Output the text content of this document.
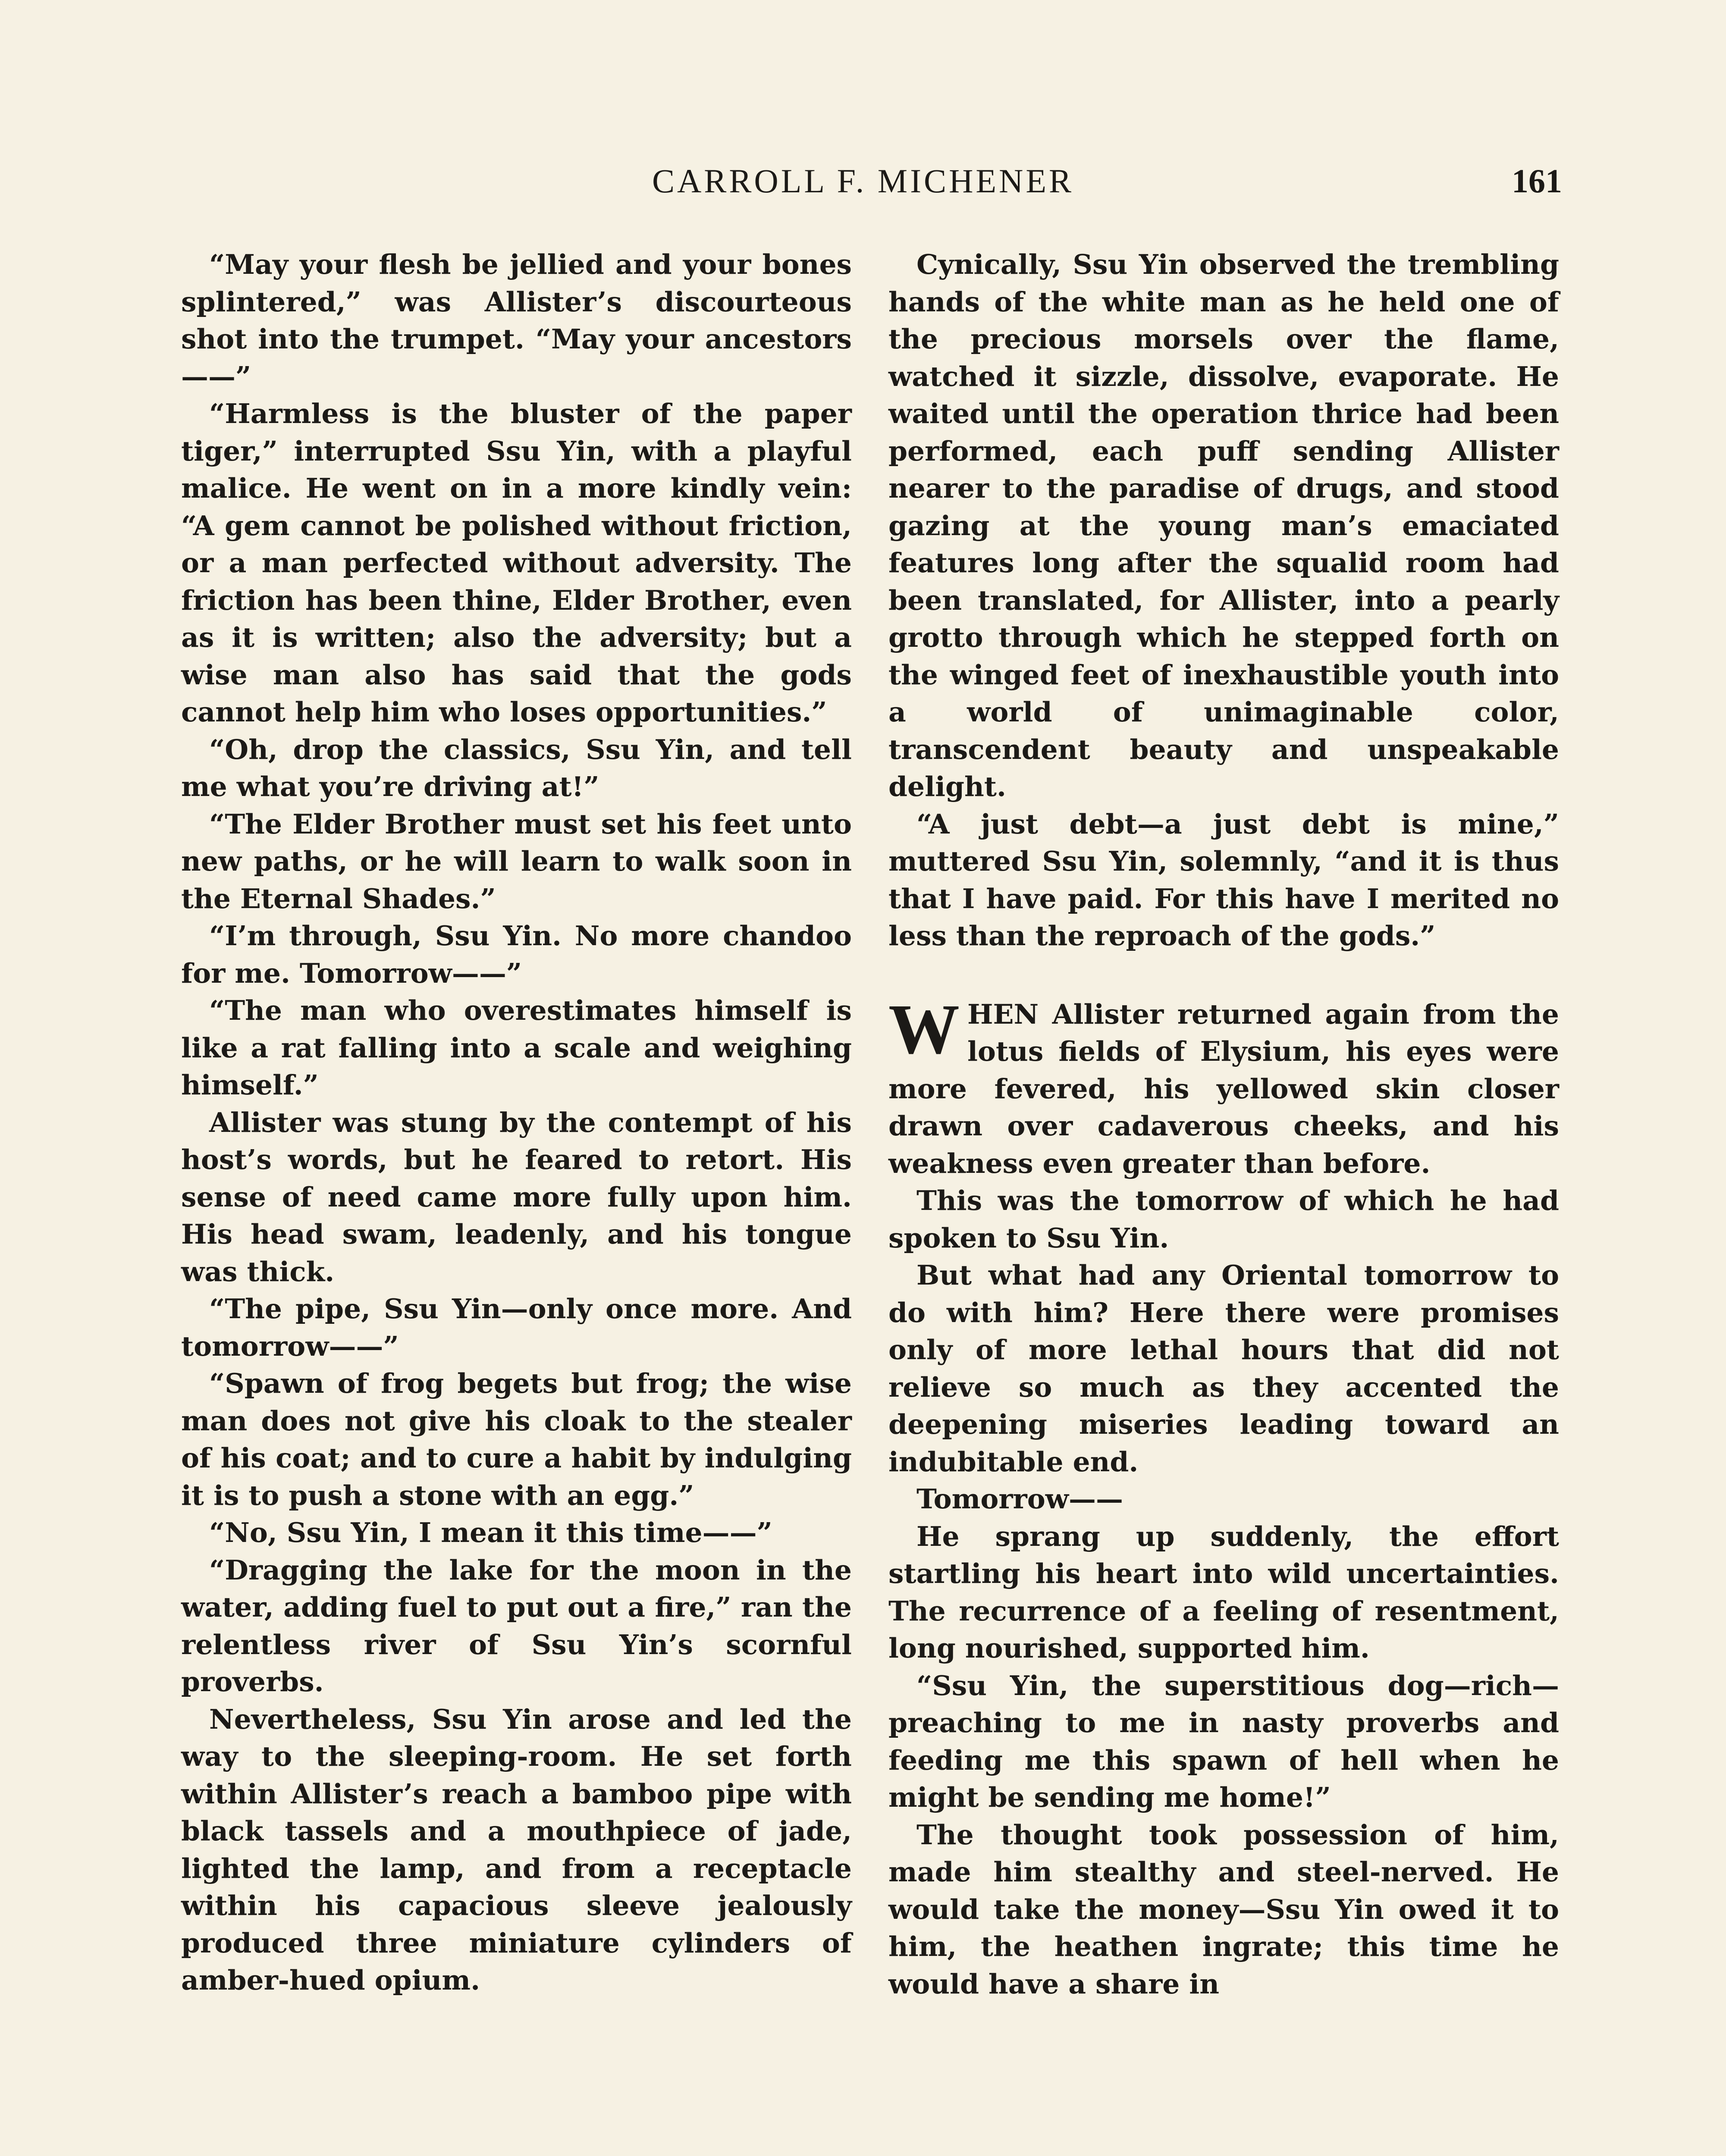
CARROLL F. MICHENER	161

“May your flesh be jellied and your bones splintered,” was Allister’s discourteous shot into the trumpet. “May your ancestors——”

“Harmless is the bluster of the paper tiger,” interrupted Ssu Yin, with a playful malice. He went on in a more kindly vein: “A gem cannot be polished without friction, or a man perfected without adversity. The friction has been thine, Elder Brother, even as it is written; also the adversity; but a wise man also has said that the gods cannot help him who loses opportunities.”

“Oh, drop the classics, Ssu Yin, and tell me what you’re driving at!”

“The Elder Brother must set his feet unto new paths, or he will learn to walk soon in the Eternal Shades.”

“I’m through, Ssu Yin. No more chandoo for me. Tomorrow——”

“The man who overestimates himself is like a rat falling into a scale and weighing himself.”

Allister was stung by the contempt of his host’s words, but he feared to retort. His sense of need came more fully upon him. His head swam, leadenly, and his tongue was thick.

“The pipe, Ssu Yin—only once more. And tomorrow——”

“Spawn of frog begets but frog; the wise man does not give his cloak to the stealer of his coat; and to cure a habit by indulging it is to push a stone with an egg.”

“No, Ssu Yin, I mean it this time——”

“Dragging the lake for the moon in the water, adding fuel to put out a fire,” ran the relentless river of Ssu Yin’s scornful proverbs.

Nevertheless, Ssu Yin arose and led the way to the sleeping-room. He set forth within Allister’s reach a bamboo pipe with black tassels and a mouthpiece of jade, lighted the lamp, and from a receptacle within his capacious sleeve jealously produced three miniature cylinders of amber-hued opium.

Cynically, Ssu Yin observed the trembling hands of the white man as he held one of the precious morsels over the flame, watched it sizzle, dissolve, evaporate. He waited until the operation thrice had been performed, each puff sending Allister nearer to the paradise of drugs, and stood gazing at the young man’s emaciated features long after the squalid room had been translated, for Allister, into a pearly grotto through which he stepped forth on the winged feet of inexhaustible youth into a world of unimaginable color, transcendent beauty and unspeakable delight.

“A just debt—a just debt is mine,” muttered Ssu Yin, solemnly, “and it is thus that I have paid. For this have I merited no less than the reproach of the gods.”

WHEN Allister returned again from the lotus fields of Elysium, his eyes were more fevered, his yellowed skin closer drawn over cadaverous cheeks, and his weakness even greater than before.

This was the tomorrow of which he had spoken to Ssu Yin.

But what had any Oriental tomorrow to do with him? Here there were promises only of more lethal hours that did not relieve so much as they accented the deepening miseries leading toward an indubitable end.

Tomorrow——

He sprang up suddenly, the effort startling his heart into wild uncertainties. The recurrence of a feeling of resentment, long nourished, supported him.

“Ssu Yin, the superstitious dog—rich—preaching to me in nasty proverbs and feeding me this spawn of hell when he might be sending me home!”

The thought took possession of him, made him stealthy and steel-nerved. He would take the money—Ssu Yin owed it to him, the heathen ingrate; this time he would have a share in
